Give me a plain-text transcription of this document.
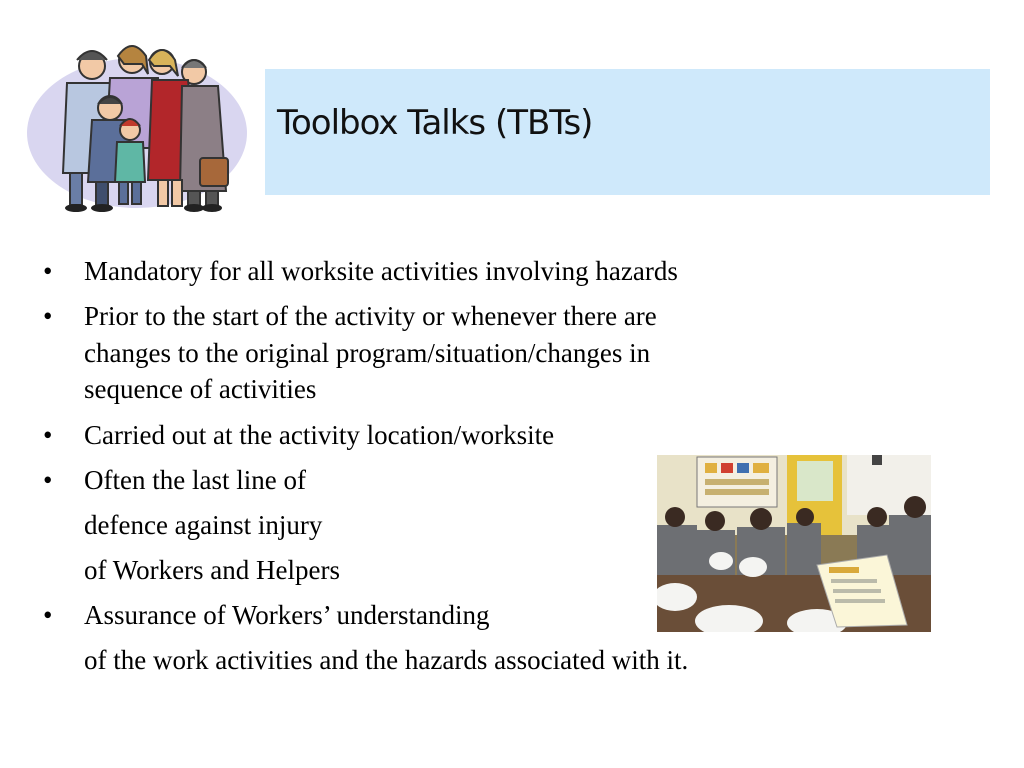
Toolbox Talks (TBTs)
• Mandatory for all worksite activities involving hazards
• Prior to the start of the activity or whenever there are
changes to the original program/situation/changes in
sequence of activities
• Carried out at the activity location/worksite
• Often the last line of
defence against injury
of Workers and Helpers
• Assurance of Workers’ understanding
of the work activities and the hazards associated with it.
